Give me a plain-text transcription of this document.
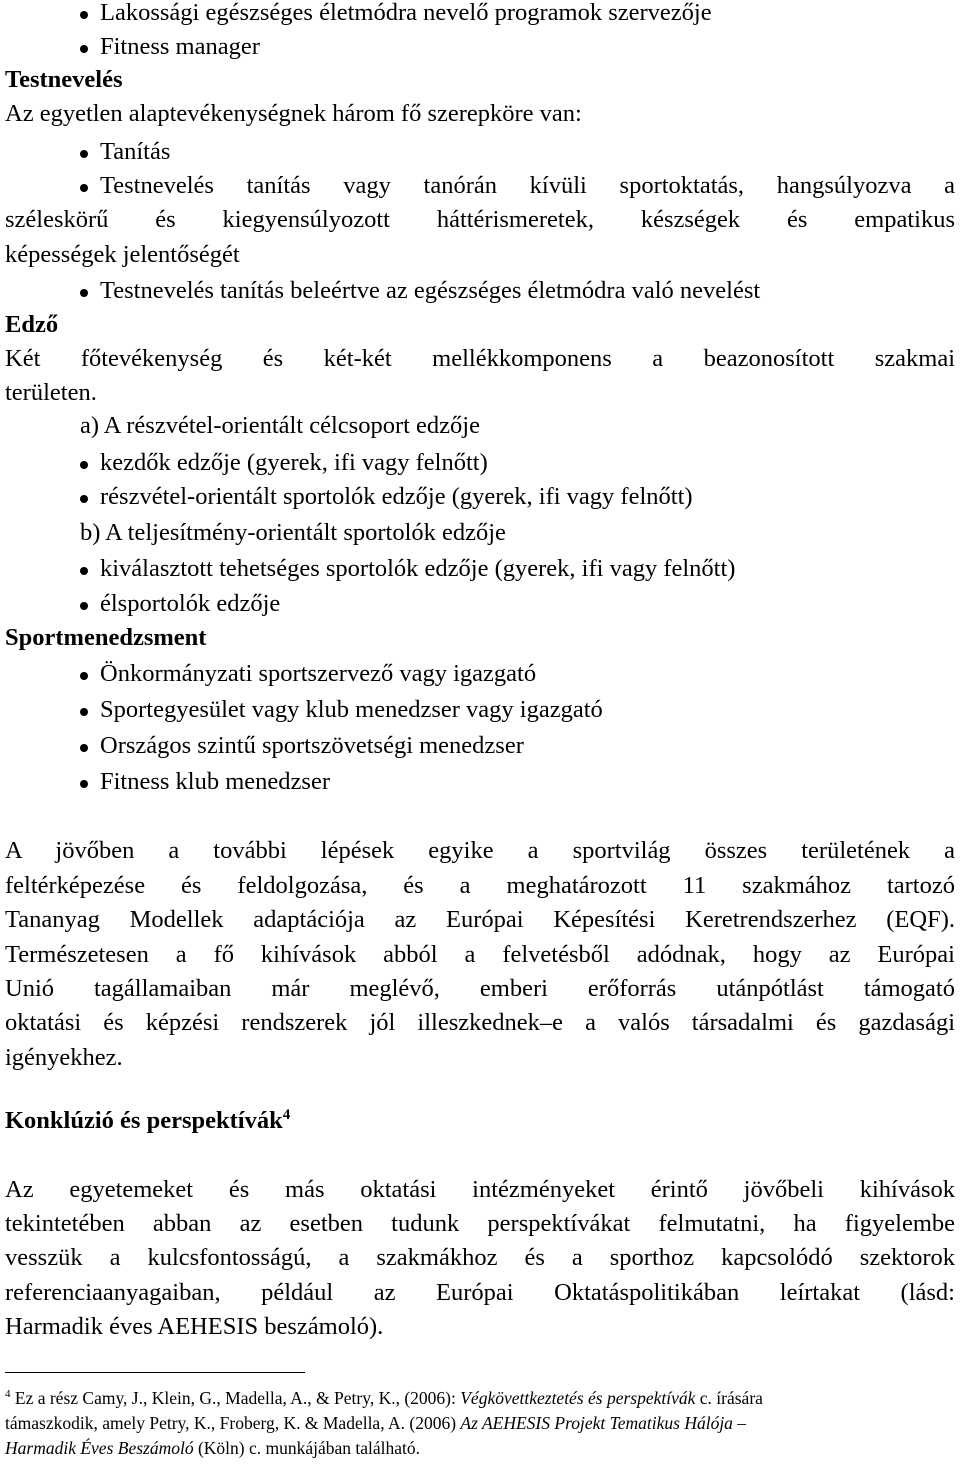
Lakossági egészséges életmódra nevelő programok szervezője
Fitness manager
Testnevelés
Az egyetlen alaptevékenységnek három fő szerepköre van:
Tanítás
Testnevelés tanítás vagy tanórán kívüli sportoktatás, hangsúlyozva a
széleskörű és kiegyensúlyozott háttérismeretek, készségek és empatikus
képességek jelentőségét
Testnevelés tanítás beleértve az egészséges életmódra való nevelést
Edző
Két főtevékenység és két-két mellékkomponens a beazonosított szakmai
területen.
a) A részvétel-orientált célcsoport edzője
kezdők edzője (gyerek, ifi vagy felnőtt)
részvétel-orientált sportolók edzője (gyerek, ifi vagy felnőtt)
b) A teljesítmény-orientált sportolók edzője
kiválasztott tehetséges sportolók edzője (gyerek, ifi vagy felnőtt)
élsportolók edzője
Sportmenedzsment
Önkormányzati sportszervező vagy igazgató
Sportegyesület vagy klub menedzser vagy igazgató
Országos szintű sportszövetségi menedzser
Fitness klub menedzser
A jövőben a további lépések egyike a sportvilág összes területének a
feltérképezése és feldolgozása, és a meghatározott 11 szakmához tartozó
Tananyag Modellek adaptációja az Európai Képesítési Keretrendszerhez (EQF).
Természetesen a fő kihívások abból a felvetésből adódnak, hogy az Európai
Unió tagállamaiban már meglévő, emberi erőforrás utánpótlást támogató
oktatási és képzési rendszerek jól illeszkednek–e a valós társadalmi és gazdasági
igényekhez.
Konklúzió és perspektívák$^4$
Az egyetemeket és más oktatási intézményeket érintő jövőbeli kihívások
tekintetében abban az esetben tudunk perspektívákat felmutatni, ha figyelembe
vesszük a kulcsfontosságú, a szakmákhoz és a sporthoz kapcsolódó szektorok
referenciaanyagaiban, például az Európai Oktatáspolitikában leírtakat (lásd:
Harmadik éves AEHESIS beszámoló).
$^4$ Ez a rész Camy, J., Klein, G., Madella, A., & Petry, K., (2006): Végkövettkeztetés és perspektívák c. írására
támaszkodik, amely Petry, K., Froberg, K. & Madella, A. (2006) Az AEHESIS Projekt Tematikus Hálója –
Harmadik Éves Beszámoló (Köln) c. munkájában található.
